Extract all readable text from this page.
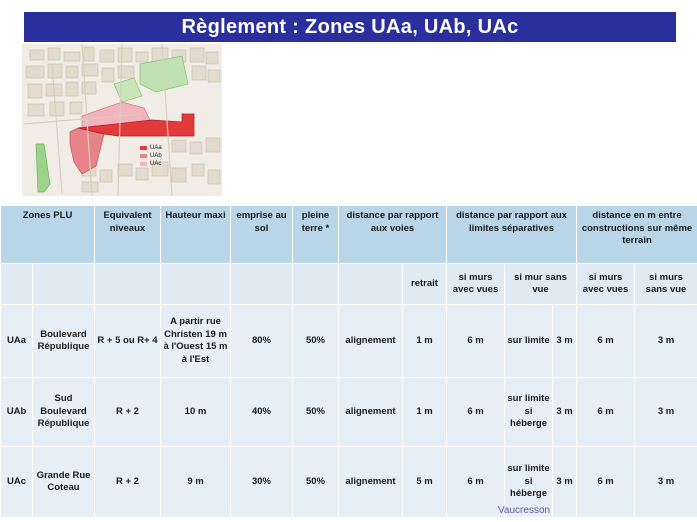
Règlement : Zones UAa, UAb, UAc
UAa
UAb
UAc
Zones PLU		Equivalent niveaux	Hauteur maxi	emprise au sol	pleine terre *	distance par rapport aux voies		distance par rapport aux limites séparatives			distance en m entre constructions sur même terrain	
							retrait	si murs avec vues	si mur sans vue		si murs avec vues	si murs sans vue
UAa	Boulevard République	R + 5 ou R+ 4	A partir rue Christen 19 m à l'Ouest 15 m à l'Est	80%	50%	alignement	1 m	6 m	sur limite	3 m	6 m	3 m
UAb	Sud Boulevard République	R + 2	10 m	40%	50%	alignement	1 m	6 m	sur limite si héberge	3 m	6 m	3 m
UAc	Grande Rue Coteau	R + 2	9 m	30%	50%	alignement	5 m	6 m	sur limite si héberge	3 m	6 m	3 m
Vaucresson
